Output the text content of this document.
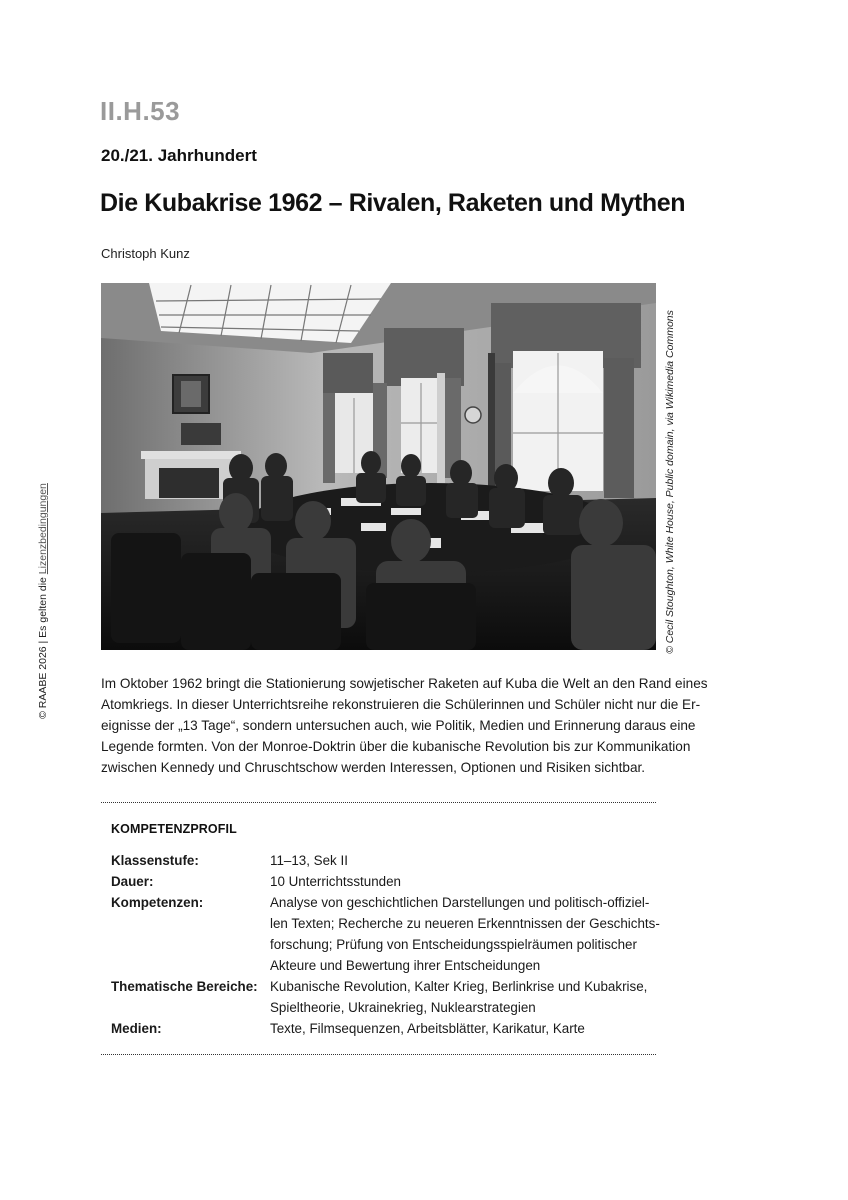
II.H.53
20./21. Jahrhundert
Die Kubakrise 1962 – Rivalen, Raketen und Mythen
Christoph Kunz
© Cecil Stoughton, White House, Public domain, via Wikimedia Commons
© RAABE 2026 | Es gelten die Lizenzbedingungen

Im Oktober 1962 bringt die Stationierung sowjetischer Raketen auf Kuba die Welt an den Rand eines

Atomkriegs. In dieser Unterrichtsreihe rekonstruieren die Schülerinnen und Schüler nicht nur die Er-

eignisse der „13 Tage“, sondern untersuchen auch, wie Politik, Medien und Erinnerung daraus eine

Legende formten. Von der Monroe-Doktrin über die kubanische Revolution bis zur Kommunikation

zwischen Kennedy und Chruschtschow werden Interessen, Optionen und Risiken sichtbar.

KOMPETENZPROFIL
Klassenstufe:	11–13, Sek II
Dauer:	10 Unterrichtsstunden
Kompetenzen:	Analyse von geschichtlichen Darstellungen und politisch-offiziel-
len Texten; Recherche zu neueren Erkenntnissen der Geschichts-
forschung; Prüfung von Entscheidungsspielräumen politischer
Akteure und Bewertung ihrer Entscheidungen
Thematische Bereiche: Kubanische Revolution, Kalter Krieg, Berlinkrise und Kubakrise,
Spieltheorie, Ukrainekrieg, Nuklearstrategien
Medien:	Texte, Filmsequenzen, Arbeitsblätter, Karikatur, Karte
